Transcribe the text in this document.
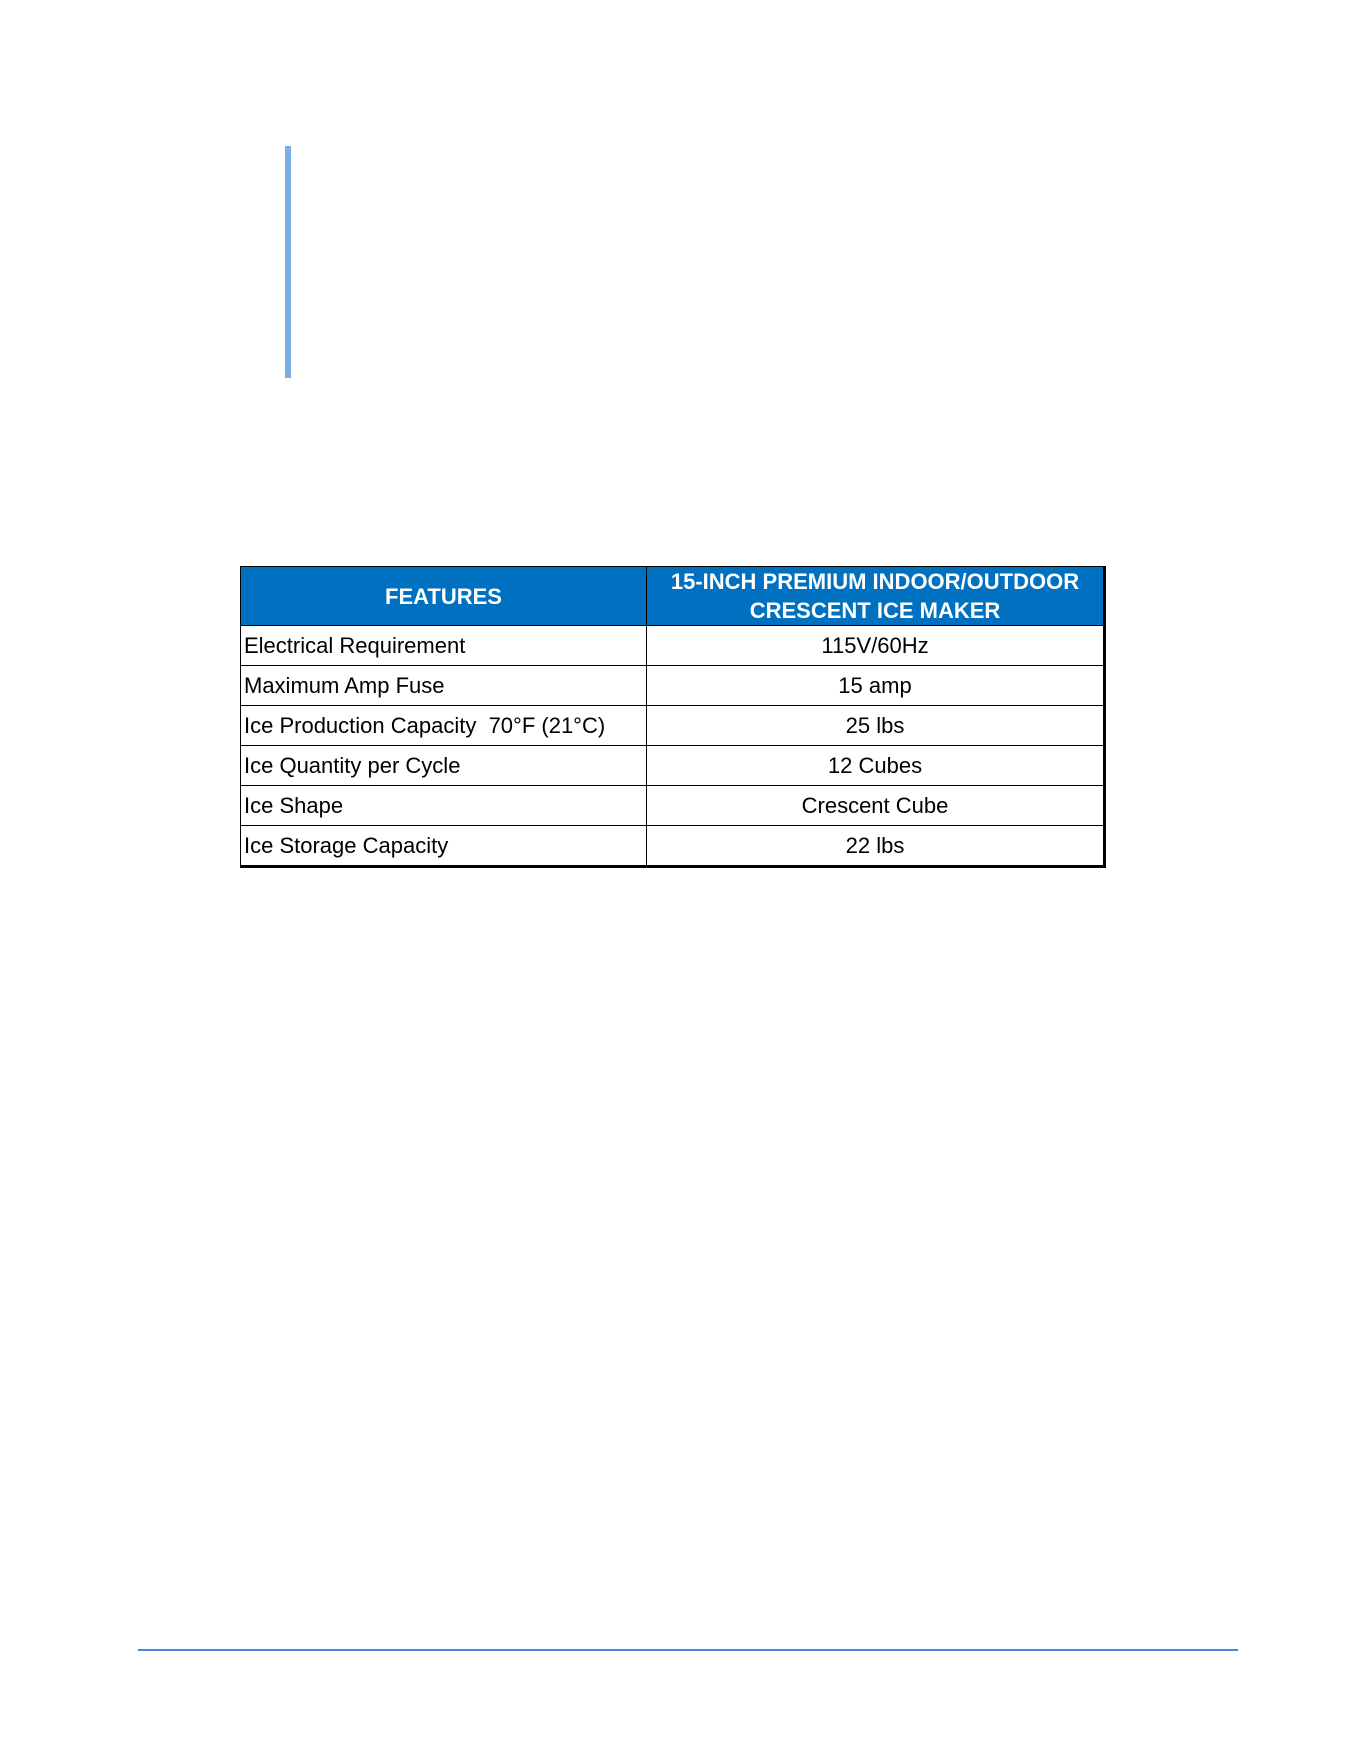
FEATURES	15-INCH PREMIUM INDOOR/OUTDOOR CRESCENT ICE MAKER
Electrical Requirement	115V/60Hz
Maximum Amp Fuse	15 amp
Ice Production Capacity  70°F (21°C)	25 lbs
Ice Quantity per Cycle	12 Cubes
Ice Shape	Crescent Cube
Ice Storage Capacity	22 lbs
